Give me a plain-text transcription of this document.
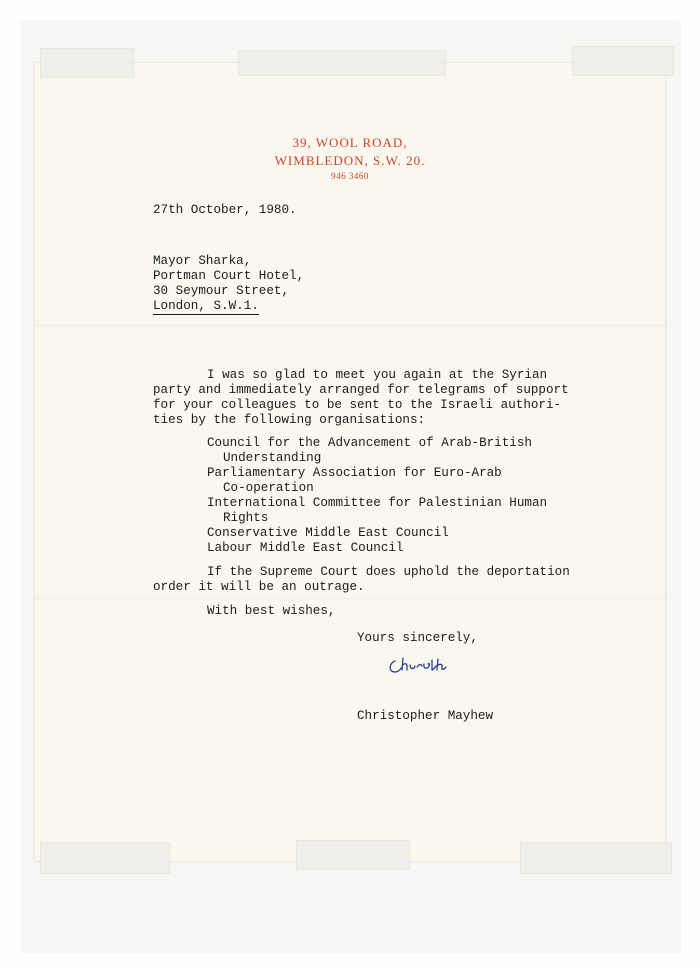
39, WOOL ROAD,
WIMBLEDON, S.W. 20.
946 3460
27th October, 1980.
Mayor Sharka,
Portman Court Hotel,
30 Seymour Street,
London, S.W.1.
I was so glad to meet you again at the Syrian
party and immediately arranged for telegrams of support
for your colleagues to be sent to the Israeli authori-
ties by the following organisations:
Council for the Advancement of Arab-British
Understanding
Parliamentary Association for Euro-Arab
Co-operation
International Committee for Palestinian Human
Rights
Conservative Middle East Council
Labour Middle East Council
If the Supreme Court does uphold the deportation
order it will be an outrage.
With best wishes,
Yours sincerely,
Christopher Mayhew
